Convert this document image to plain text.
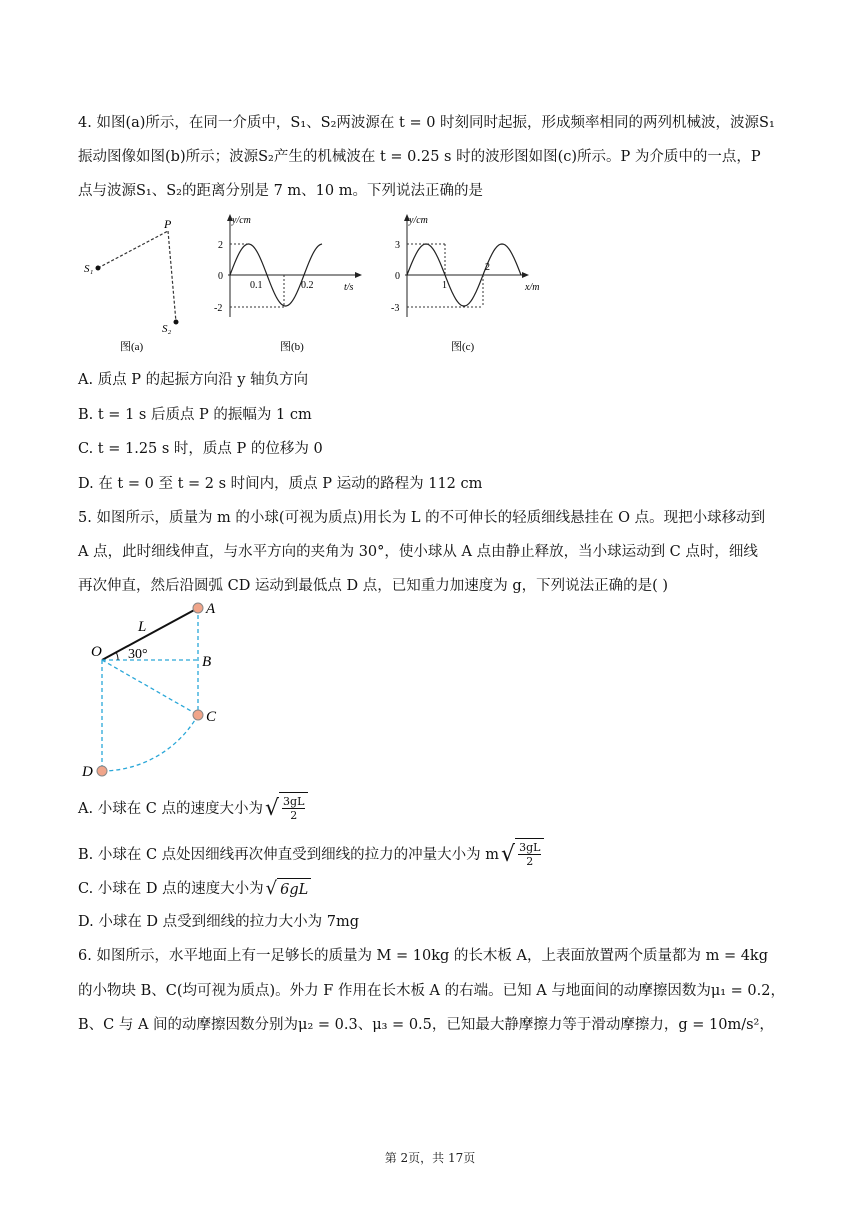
4. 如图(a)所示，在同一介质中，S₁、S₂两波源在 t = 0 时刻同时起振，形成频率相同的两列机械波，波源S₁
振动图像如图(b)所示；波源S₂产生的机械波在 t = 0.25 s 时的波形图如图(c)所示。P 为介质中的一点，P
点与波源S₁、S₂的距离分别是 7 m、10 m。下列说法正确的是
S₁
P
S₂
图(a)
y/cm
2
0
-2
0.1	0.2	t/s
图(b)
y/cm
3
0
-3
1
2
x/m
图(c)
A. 质点 P 的起振方向沿 y 轴负方向
B. t = 1 s 后质点 P 的振幅为 1 cm
C. t = 1.25 s 时，质点 P 的位移为 0
D. 在 t = 0 至 t = 2 s 时间内，质点 P 运动的路程为 112 cm
5. 如图所示，质量为 m 的小球(可视为质点)用长为 L 的不可伸长的轻质细线悬挂在 O 点。现把小球移动到
A 点，此时细线伸直，与水平方向的夹角为 30°，使小球从 A 点由静止释放，当小球运动到 C 点时，细线
再次伸直，然后沿圆弧 CD 运动到最低点 D 点，已知重力加速度为 g，下列说法正确的是( )
A
L
O 30°	B
C
D
A. 小球在 C 点的速度大小为 √ $\frac{3gL}{2}$
B. 小球在 C 点处因细线再次伸直受到细线的拉力的冲量大小为 m √ $\frac{3gL}{2}$
C. 小球在 D 点的速度大小为 √ 6gL
D. 小球在 D 点受到细线的拉力大小为 7mg
6. 如图所示，水平地面上有一足够长的质量为 M = 10kg 的长木板 A，上表面放置两个质量都为 m = 4kg
的小物块 B、C(均可视为质点)。外力 F 作用在长木板 A 的右端。已知 A 与地面间的动摩擦因数为μ₁ = 0.2，
B、C 与 A 间的动摩擦因数分别为μ₂ = 0.3、μ₃ = 0.5，已知最大静摩擦力等于滑动摩擦力，g = 10m/s²，
第 2页，共 17页
